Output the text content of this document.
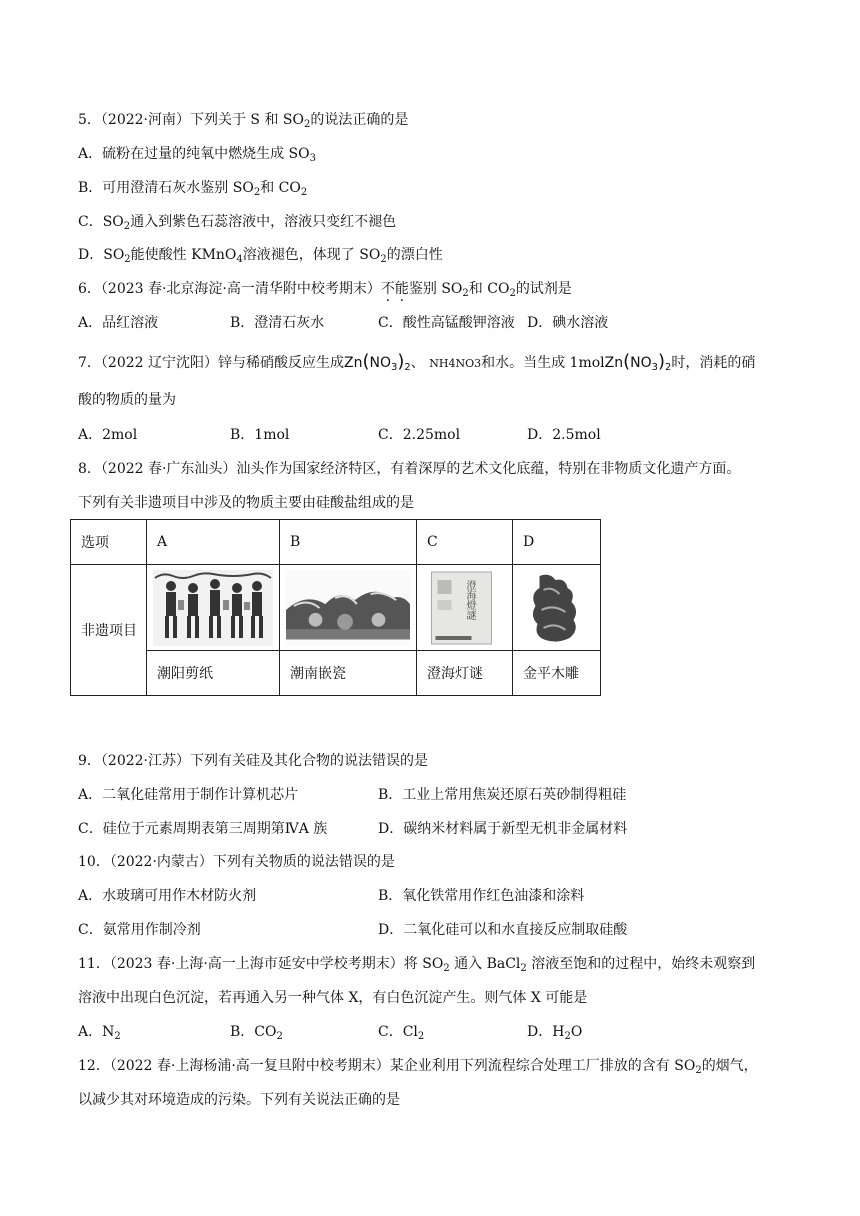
5．（2022·河南）下列关于 S 和 $SO_2$的说法正确的是
A．硫粉在过量的纯氧中燃烧生成 $SO_3$
B．可用澄清石灰水鉴别 $SO_2$和 $CO_2$
C．$SO_2$通入到紫色石蕊溶液中，溶液只变红不褪色
D．$SO_2$能使酸性 KMnO$_4$溶液褪色，体现了 $SO_2$的漂白性
6．（2023 春·北京海淀·高一清华附中校考期末）不能鉴别 $SO_2$和 $CO_2$的试剂是
A．品红溶液	B．澄清石灰水	C．酸性高锰酸钾溶液 D．碘水溶液
7．（2022 辽宁沈阳）锌与稀硝酸反应生成$Zn(NO_3)_2$、 NH4NO3和水。当生成 $1molZn(NO_3)_2$时，消耗的硝
酸的物质的量为
A．2mol	B．1mol	C．2.25mol	D．2.5mol
8．（2022 春·广东汕头）汕头作为国家经济特区，有着深厚的艺术文化底蕴，特别在非物质文化遗产方面。
下列有关非遗项目中涉及的物质主要由硅酸盐组成的是
选项	A	B	C	D
非遗项目			澄海燈謎

	潮阳剪纸	潮南嵌瓷	澄海灯谜	金平木雕
9．（2022·江苏）下列有关硅及其化合物的说法错误的是
A．二氧化硅常用于制作计算机芯片	B．工业上常用焦炭还原石英砂制得粗硅
C．硅位于元素周期表第三周期第ⅣA 族	D．碳纳米材料属于新型无机非金属材料
10．（2022·内蒙古）下列有关物质的说法错误的是
A．水玻璃可用作木材防火剂	B．氧化铁常用作红色油漆和涂料
C．氨常用作制冷剂	D．二氧化硅可以和水直接反应制取硅酸
11．（2023 春·上海·高一上海市延安中学校考期末）将 $SO_2$ 通入 BaCl$_2$ 溶液至饱和的过程中，始终未观察到
溶液中出现白色沉淀，若再通入另一种气体 X，有白色沉淀产生。则气体 X 可能是
A．$N_2$	B．$CO_2$	C．$Cl_2$	D．$H_2O$
12．（2022 春·上海杨浦·高一复旦附中校考期末）某企业利用下列流程综合处理工厂排放的含有 $SO_2$的烟气，
以减少其对环境造成的污染。下列有关说法正确的是
